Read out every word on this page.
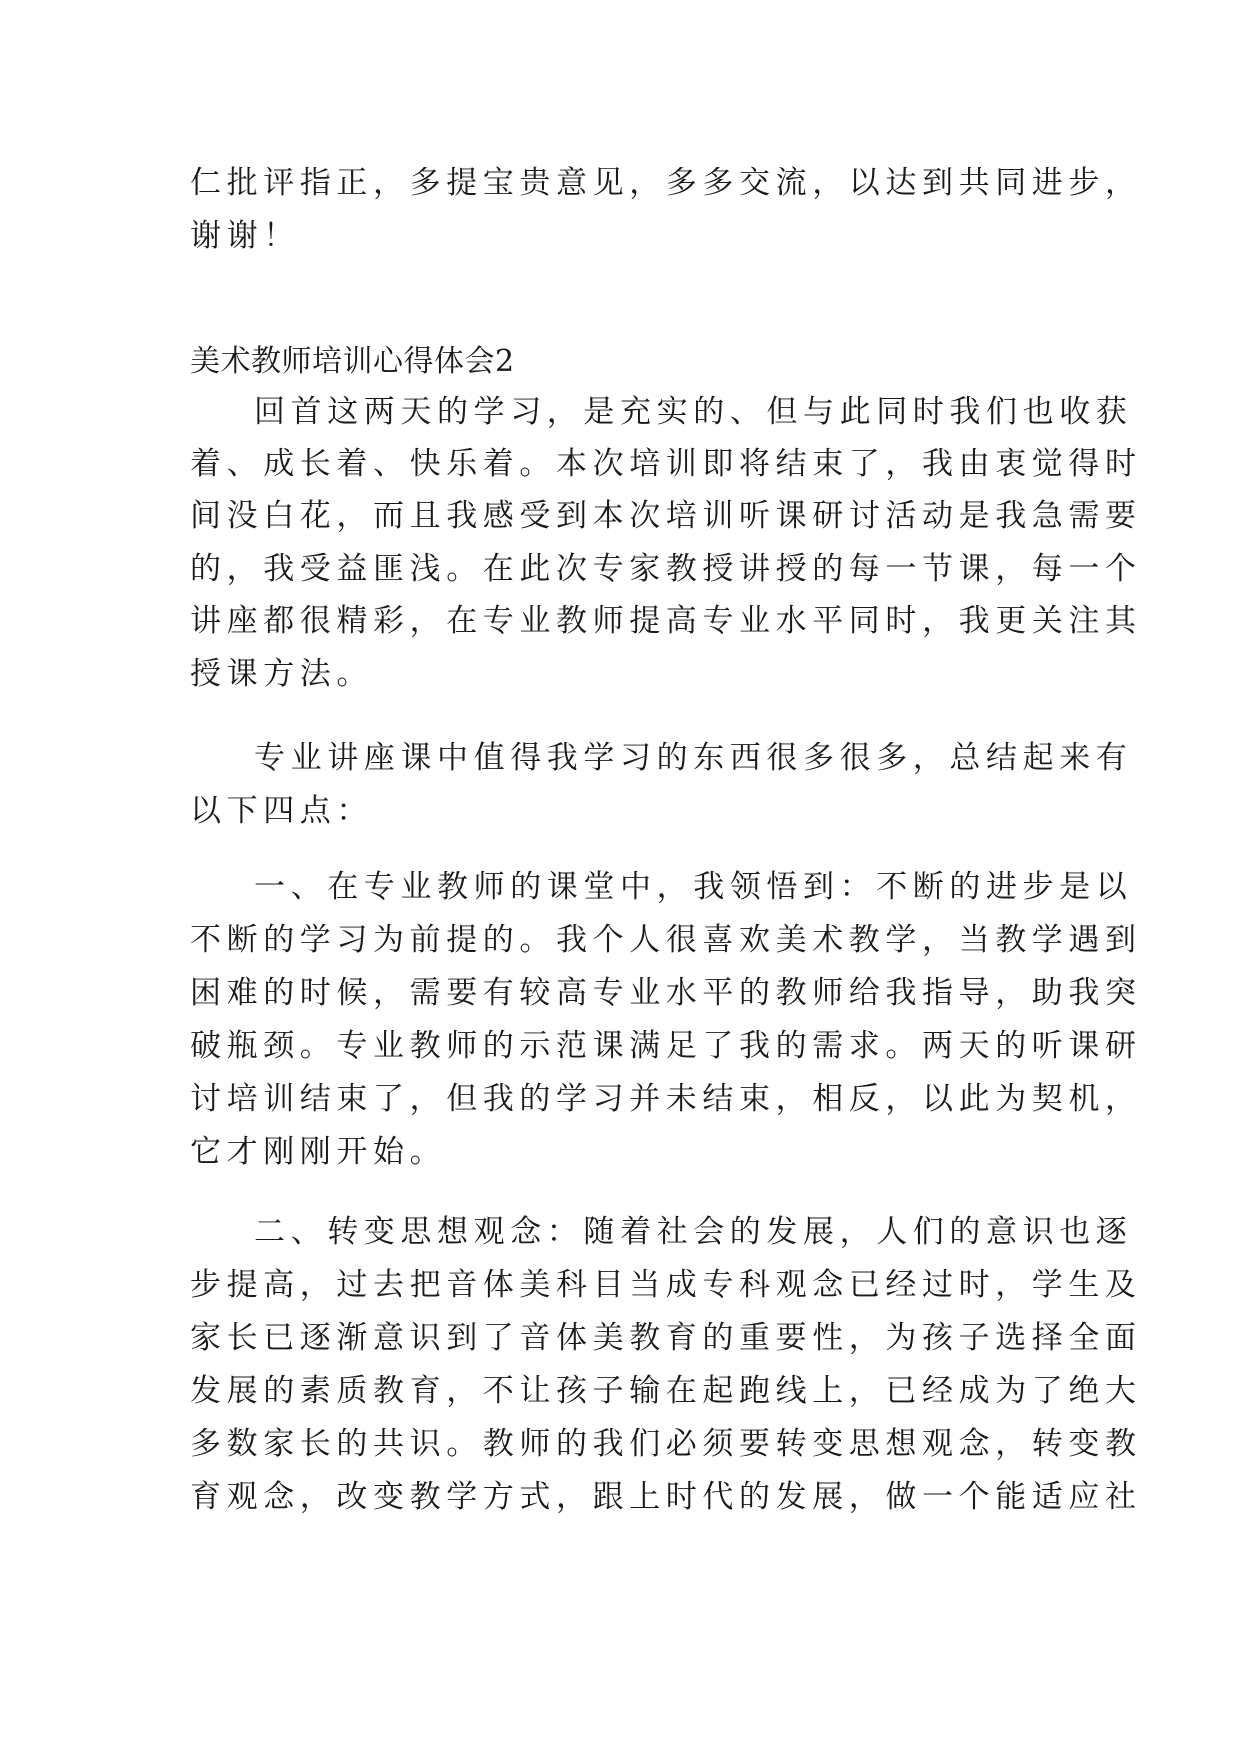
仁批评指正，多提宝贵意见，多多交流，以达到共同进步，
谢谢！
美术教师培训心得体会2
回首这两天的学习，是充实的、但与此同时我们也收获
着、成长着、快乐着。本次培训即将结束了，我由衷觉得时
间没白花，而且我感受到本次培训听课研讨活动是我急需要
的，我受益匪浅。在此次专家教授讲授的每一节课，每一个
讲座都很精彩，在专业教师提高专业水平同时，我更关注其
授课方法。
专业讲座课中值得我学习的东西很多很多，总结起来有
以下四点：
一、在专业教师的课堂中，我领悟到：不断的进步是以
不断的学习为前提的。我个人很喜欢美术教学，当教学遇到
困难的时候，需要有较高专业水平的教师给我指导，助我突
破瓶颈。专业教师的示范课满足了我的需求。两天的听课研
讨培训结束了，但我的学习并未结束，相反，以此为契机，
它才刚刚开始。
二、转变思想观念：随着社会的发展，人们的意识也逐
步提高，过去把音体美科目当成专科观念已经过时，学生及
家长已逐渐意识到了音体美教育的重要性，为孩子选择全面
发展的素质教育，不让孩子输在起跑线上，已经成为了绝大
多数家长的共识。教师的我们必须要转变思想观念，转变教
育观念，改变教学方式，跟上时代的发展，做一个能适应社
